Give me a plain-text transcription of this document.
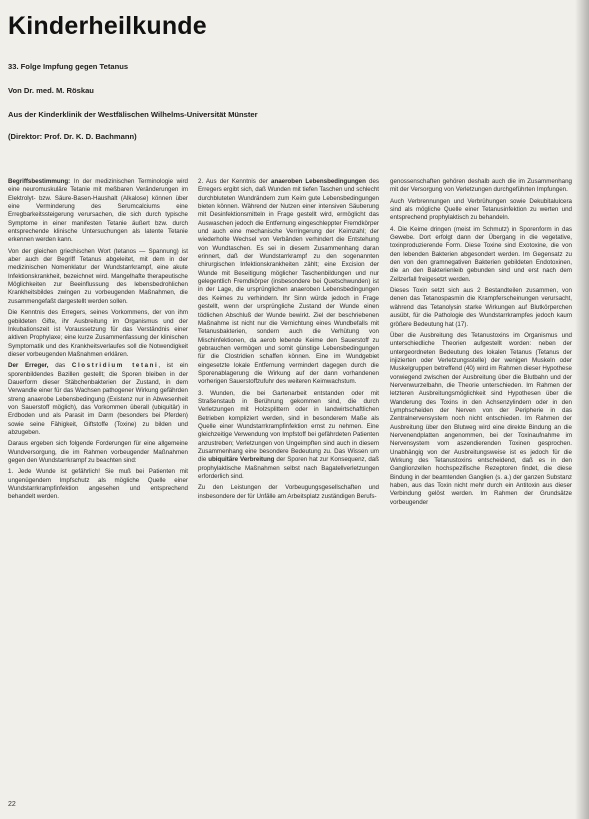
Kinderheilkunde
33. Folge Impfung gegen Tetanus
Von Dr. med. M. Röskau
Aus der Kinderklinik der Westfälischen Wilhelms-Universität Münster
(Direktor: Prof. Dr. K. D. Bachmann)

Begriffsbestimmung: In der medizinischen Terminologie wird eine neuromuskuläre Tetanie mit meßbaren Veränderungen im Elektrolyt- bzw. Säure-Basen-Haushalt (Alkalose) können über eine Verminderung des Serumcalciums eine Erregbarkeitssteigerung verursachen, die sich durch typische Symptome in einer manifesten Tetanie äußert bzw. durch entsprechende klinische Untersuchungen als latente Tetanie erkennen werden kann.

Von der gleichen griechischen Wort (tetanos — Spannung) ist aber auch der Begriff Tetanus abgeleitet, mit dem in der medizinischen Nomenklatur der Wundstarrkrampf, eine akute Infektionskrankheit, bezeichnet wird. Mangelhafte therapeutische Möglichkeiten zur Beeinflussung des lebensbedrohlichen Krankheitsbildes zwingen zu vorbeugenden Maßnahmen, die zusammengefaßt dargestellt werden sollen.

Die Kenntnis des Erregers, seines Vorkommens, der von ihm gebildeten Gifte, ihr Ausbreitung im Organismus und der Inkubationszeit ist Voraussetzung für das Verständnis einer aktiven Prophylaxe; eine kurze Zusammenfassung der klinischen Symptomatik und des Krankheitsverlaufes soll die Notwendigkeit dieser vorbeugenden Maßnahmen erklären.

Der Erreger, das Clostridium tetani, ist ein sporenbildendes Bazillen gestellt; die Sporen bleiben in der Dauerform dieser Stäbchenbakterien der Zustand, in dem Verwandle einer für das Wachsen pathogener Wirkung gefährden streng anaerobe Lebensbedingung (Existenz nur in Abwesenheit von Sauerstoff möglich), das Vorkommen überall (ubiquitär) in Erdboden und als Parasit im Darm (besonders bei Pferden) sowie seine Fähigkeit, Giftstoffe (Toxine) zu bilden und abzugeben.

Daraus ergeben sich folgende Forderungen für eine allgemeine Wundversorgung, die im Rahmen vorbeugender Maßnahmen gegen den Wundstarrkrampf zu beachten sind:

1. Jede Wunde ist gefährlich! Sie muß bei Patienten mit ungenügendem Impfschutz als mögliche Quelle einer Wundstarrkrampfinfektion angesehen und entsprechend behandelt werden.

2. Aus der Kenntnis der anaeroben Lebensbedingungen des Erregers ergibt sich, daß Wunden mit tiefen Taschen und schlecht durchbluteten Wundrändern zum Keim gute Lebensbedingungen bieten können. Während der Nutzen einer intensiven Säuberung mit Desinfektionsmitteln in Frage gestellt wird, ermöglicht das Auswaschen jedoch die Entfernung eingeschleppter Fremdkörper und auch eine mechanische Verringerung der Keimzahl; der wiederholte Wechsel von Verbänden verhindert die Entstehung von Wundtaschen. Es sei in diesem Zusammenhang daran erinnert, daß der Wundstarrkrampf zu den sogenannten chirurgischen Infektionskrankheiten zählt; eine Excision der Wunde mit Beseitigung möglicher Taschenbildungen und nur gelegentlich Fremdkörper (insbesondere bei Quetschwunden) ist in der Lage, die ursprünglichen anaeroben Lebensbedingungen des Keimes zu verhindern. Ihr Sinn würde jedoch in Frage gestellt, wenn der ursprüngliche Zustand der Wunde einen tödlichen Abschluß der Wunde bewirkt. Ziel der beschriebenen Maßnahme ist nicht nur die Vernichtung eines Wundbefalls mit Tetanusbakterien, sondern auch die Verhütung von Mischinfektionen, da aerob lebende Keime den Sauerstoff zu gebrauchen vermögen und somit günstige Lebensbedingungen für die Clostridien schaffen können. Eine im Wundgebiet eingesetzte lokale Entfernung vermindert dagegen durch die Sporenablagerung die Wirkung auf der dann vorhandenen vorherigen Sauerstoffzufuhr des weiteren Keimwachstum.

3. Wunden, die bei Gartenarbeit entstanden oder mit Straßenstaub in Berührung gekommen sind, die durch Verletzungen mit Holzsplittern oder in landwirtschaftlichen Betrieben kompliziert werden, sind in besonderem Maße als Quelle einer Wundstarrkrampfinfektion ernst zu nehmen. Eine gleichzeitige Verwendung von Impfstoff bei gefährdeten Patienten anzustreben; Verletzungen von Ungeimpften sind auch in diesem Zusammenhang eine besondere Bedeutung zu. Das Wissen um die ubiquitäre Verbreitung der Sporen hat zur Konsequenz, daß prophylaktische Maßnahmen selbst nach Bagatellverletzungen erforderlich sind.

Zu den Leistungen der Vorbeugungsgesellschaften und insbesondere der für Unfälle am Arbeitsplatz zuständigen Berufs-

genossenschaften gehören deshalb auch die im Zusammenhang mit der Versorgung von Verletzungen durchgeführten Impfungen.

Auch Verbrennungen und Verbrühungen sowie Dekubitalulcera sind als mögliche Quelle einer Tetanusinfektion zu werten und entsprechend prophylaktisch zu behandeln.

4. Die Keime dringen (meist im Schmutz) in Sporenform in das Gewebe. Dort erfolgt dann der Übergang in die vegetative, toxinproduzierende Form. Diese Toxine sind Exotoxine, die von den lebenden Bakterien abgesondert werden. Im Gegensatz zu den von den gramnegativen Bakterien gebildeten Endotoxinen, die an den Bakterienleib gebunden sind und erst nach dem Zellzerfall freigesetzt werden.

Dieses Toxin setzt sich aus 2 Bestandteilen zusammen, von denen das Tetanospasmin die Krampferscheinungen verursacht, während das Tetanolysin starke Wirkungen auf Blutkörperchen ausübt, für die Pathologie des Wundstarrkrampfes jedoch kaum größere Bedeutung hat (17).

Über die Ausbreitung des Tetanustoxins im Organismus und unterschiedliche Theorien aufgestellt worden: neben der untergeordneten Bedeutung des lokalen Tetanus (Tetanus der injizierten oder Verletzungsstelle) der wenigen Muskeln oder Muskelgruppen betreffend (40) wird im Rahmen dieser Hypothese vorwiegend zwischen der Ausbreitung über die Blutbahn und der Nervenwurzelbahn, die Theorie unterschieden. Im Rahmen der letzteren Ausbreitungsmöglichkeit sind Hypothesen über die Wanderung des Toxins in den Achsenzylindern oder in den Lymphscheiden der Nerven von der Peripherie in das Zentralnervensystem noch nicht entschieden. Im Rahmen der Ausbreitung über den Blutweg wird eine direkte Bindung an die Nervenendplatten angenommen, bei der Toxinaufnahme im Nervensystem vom aszendierenden Toxinen gesprochen. Unabhängig von der Ausbreitungsweise ist es jedoch für die Wirkung des Tetanustoxins entscheidend, daß es in den Ganglionzellen hochspezifische Rezeptoren findet, die diese Bindung in der beamtenden Ganglien (s. a.) der ganzen Substanz haben, aus das Toxin nicht mehr durch ein Antitoxin aus dieser Verbindung gelöst werden. Im Rahmen der Grundsätze vorbeugender

22
